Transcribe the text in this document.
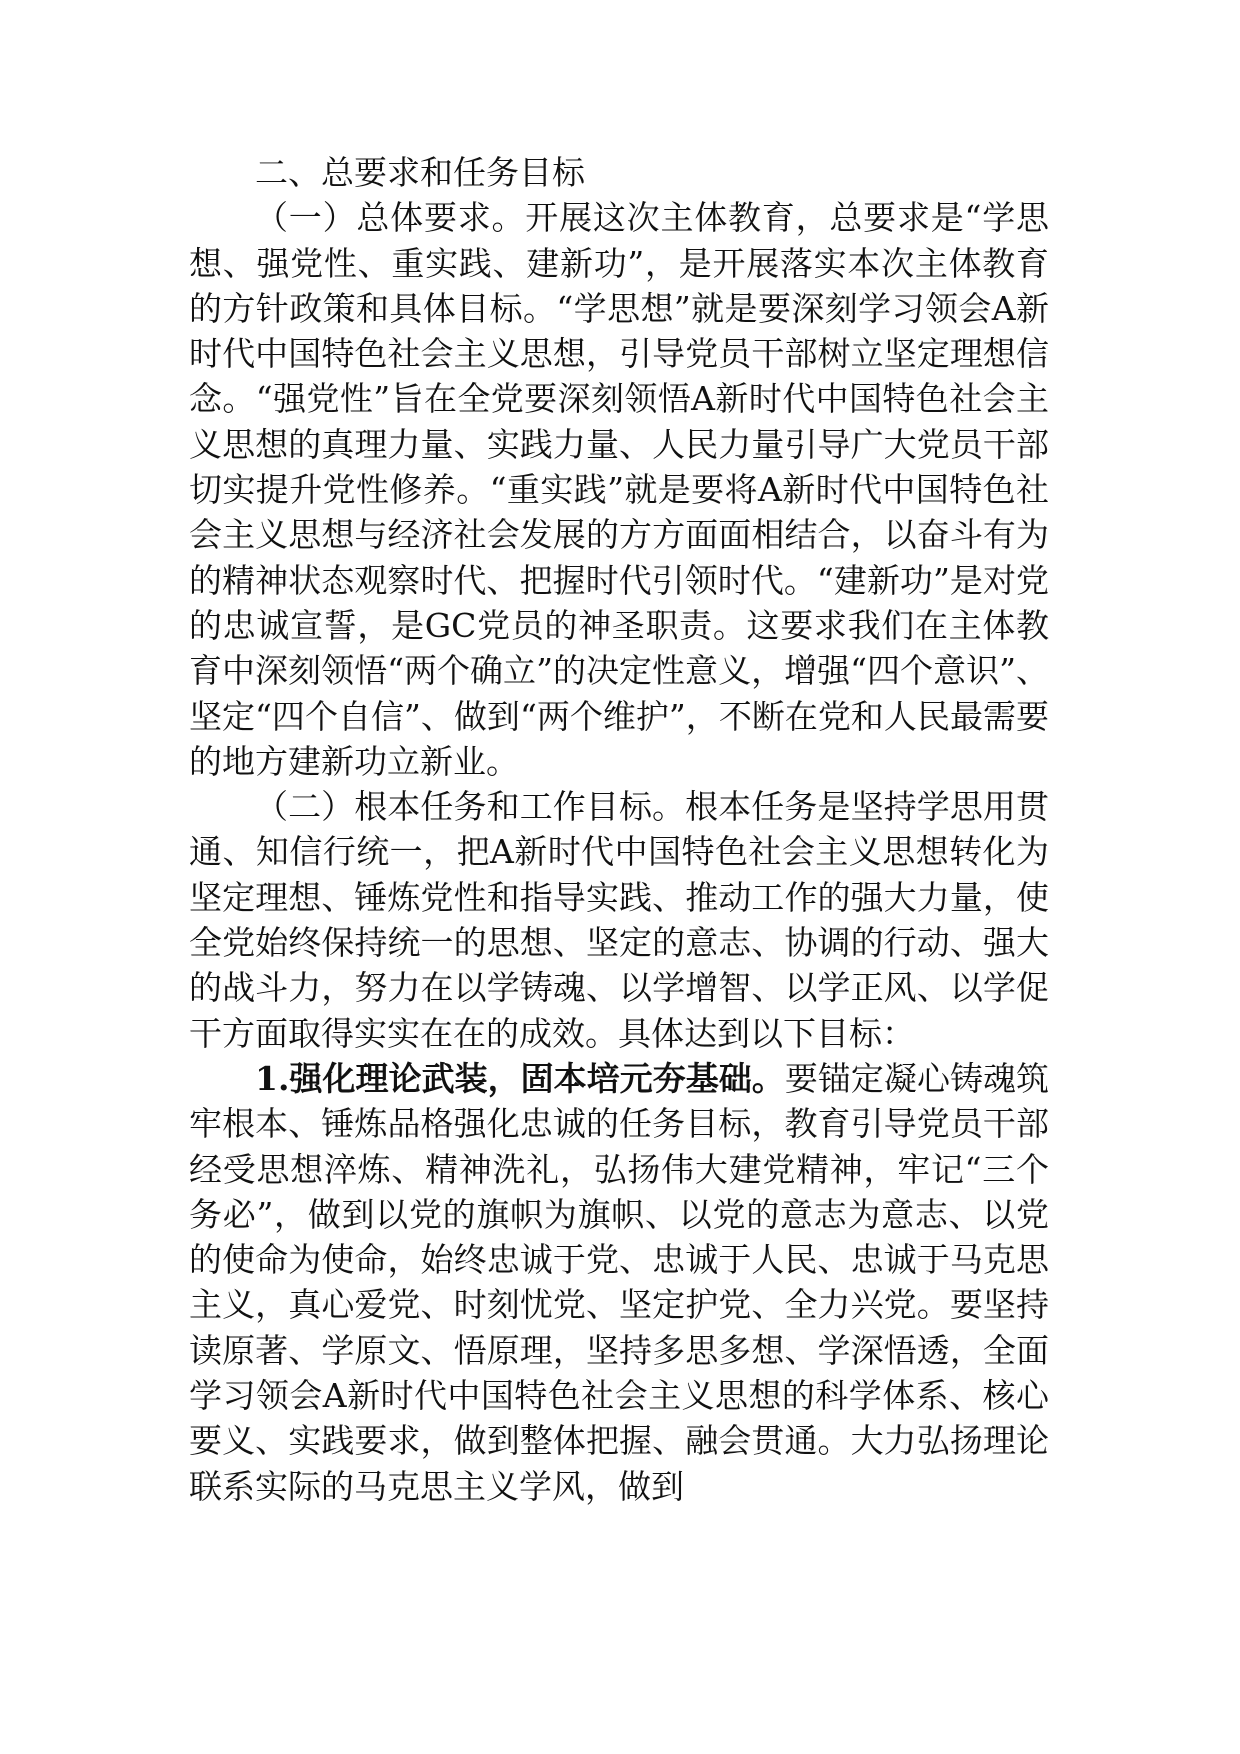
二、总要求和任务目标

（一）总体要求。开展这次主体教育，总要求是“学思想、强党性、重实践、建新功”，是开展落实本次主体教育的方针政策和具体目标。“学思想”就是要深刻学习领会A新时代中国特色社会主义思想，引导党员干部树立坚定理想信念。“强党性”旨在全党要深刻领悟A新时代中国特色社会主义思想的真理力量、实践力量、人民力量引导广大党员干部切实提升党性修养。“重实践”就是要将A新时代中国特色社会主义思想与经济社会发展的方方面面相结合，以奋斗有为的精神状态观察时代、把握时代引领时代。“建新功”是对党的忠诚宣誓，是GC党员的神圣职责。这要求我们在主体教育中深刻领悟“两个确立”的决定性意义，增强“四个意识”、坚定“四个自信”、做到“两个维护”，不断在党和人民最需要的地方建新功立新业。

（二）根本任务和工作目标。根本任务是坚持学思用贯通、知信行统一，把A新时代中国特色社会主义思想转化为坚定理想、锤炼党性和指导实践、推动工作的强大力量，使全党始终保持统一的思想、坚定的意志、协调的行动、强大的战斗力，努力在以学铸魂、以学增智、以学正风、以学促干方面取得实实在在的成效。具体达到以下目标：

1.强化理论武装，固本培元夯基础。要锚定凝心铸魂筑牢根本、锤炼品格强化忠诚的任务目标，教育引导党员干部经受思想淬炼、精神洗礼，弘扬伟大建党精神，牢记“三个务必”，做到以党的旗帜为旗帜、以党的意志为意志、以党的使命为使命，始终忠诚于党、忠诚于人民、忠诚于马克思主义，真心爱党、时刻忧党、坚定护党、全力兴党。要坚持读原著、学原文、悟原理，坚持多思多想、学深悟透，全面学习领会A新时代中国特色社会主义思想的科学体系、核心要义、实践要求，做到整体把握、融会贯通。大力弘扬理论联系实际的马克思主义学风，做到
